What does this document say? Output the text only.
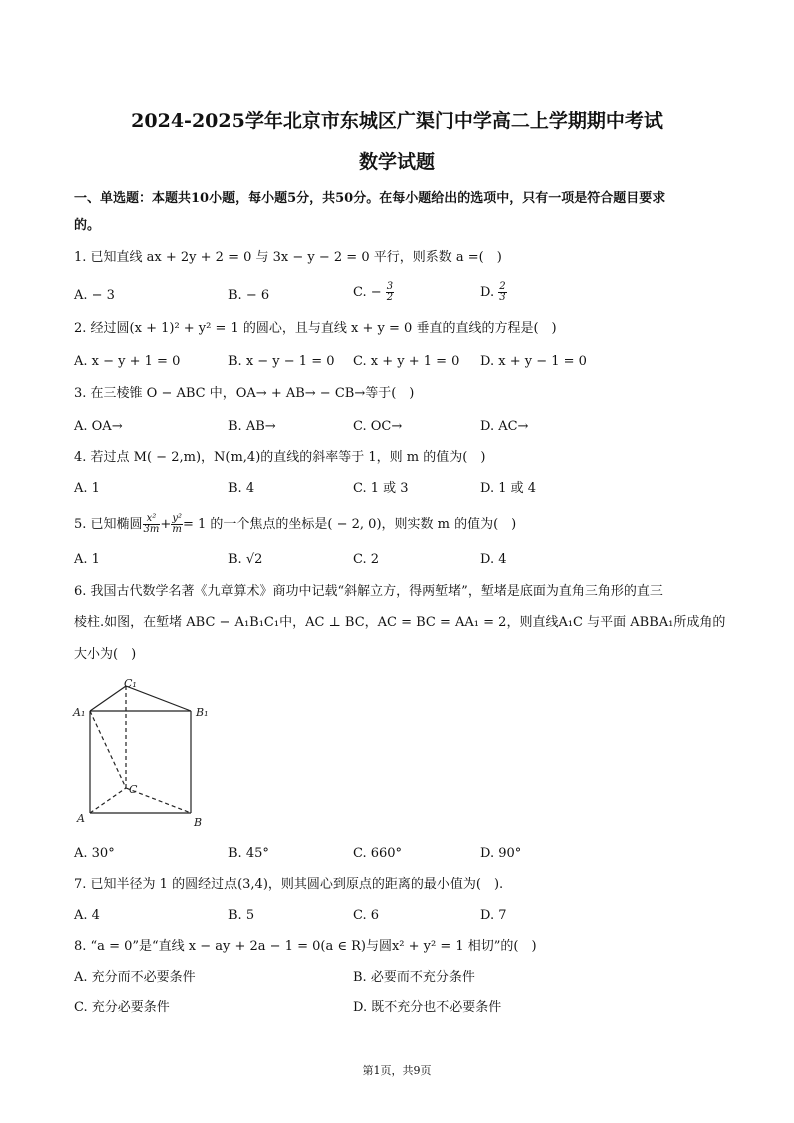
2024-2025学年北京市东城区广渠门中学高二上学期期中考试
数学试题
一、单选题：本题共10小题，每小题5分，共50分。在每小题给出的选项中，只有一项是符合题目要求
的。
1. 已知直线 ax + 2y + 2 = 0 与 3x − y − 2 = 0 平行，则系数 a =(　)
A. − 3	B. − 6	C. − $\frac{3}{2}$	D. $\frac{2}{3}$
2. 经过圆(x + 1)² + y² = 1 的圆心，且与直线 x + y = 0 垂直的直线的方程是(　)
A. x − y + 1 = 0	B. x − y − 1 = 0 C. x + y + 1 = 0 D. x + y − 1 = 0
3. 在三棱锥 O − ABC 中，OA→ + AB→ − CB→等于(　)
A. OA→	B. AB→	C. OC→	D. AC→
4. 若过点 M( − 2,m)，N(m,4)的直线的斜率等于 1，则 m 的值为(　)
A. 1	B. 4	C. 1 或 3	D. 1 或 4
5. 已知椭圆 $\frac{\text{x²}}{3m} + \frac{\text{y²}}{m} = 1$ 的一个焦点的坐标是( − 2, 0)，则实数 m 的值为(　)
A. 1	B. √2	C. 2	D. 4
6. 我国古代数学名著《九章算术》商功中记载“斜解立方，得两堑堵”，堑堵是底面为直角三角形的直三
棱柱.如图，在堑堵 ABC − A₁B₁C₁中，AC ⊥ BC，AC = BC = AA₁ = 2，则直线A₁C 与平面 ABBA₁所成角的
大小为(　)
C₁
A₁	B₁
C
A	B
A. 30°	B. 45°	C. 660°	D. 90°
7. 已知半径为 1 的圆经过点(3,4)，则其圆心到原点的距离的最小值为(　).
A. 4	B. 5	C. 6	D. 7
8. “a = 0”是“直线 x − ay + 2a − 1 = 0(a ∈ R)与圆x² + y² = 1 相切”的(　)
A. 充分而不必要条件	B. 必要而不充分条件
C. 充分必要条件	D. 既不充分也不必要条件
第1页，共9页
